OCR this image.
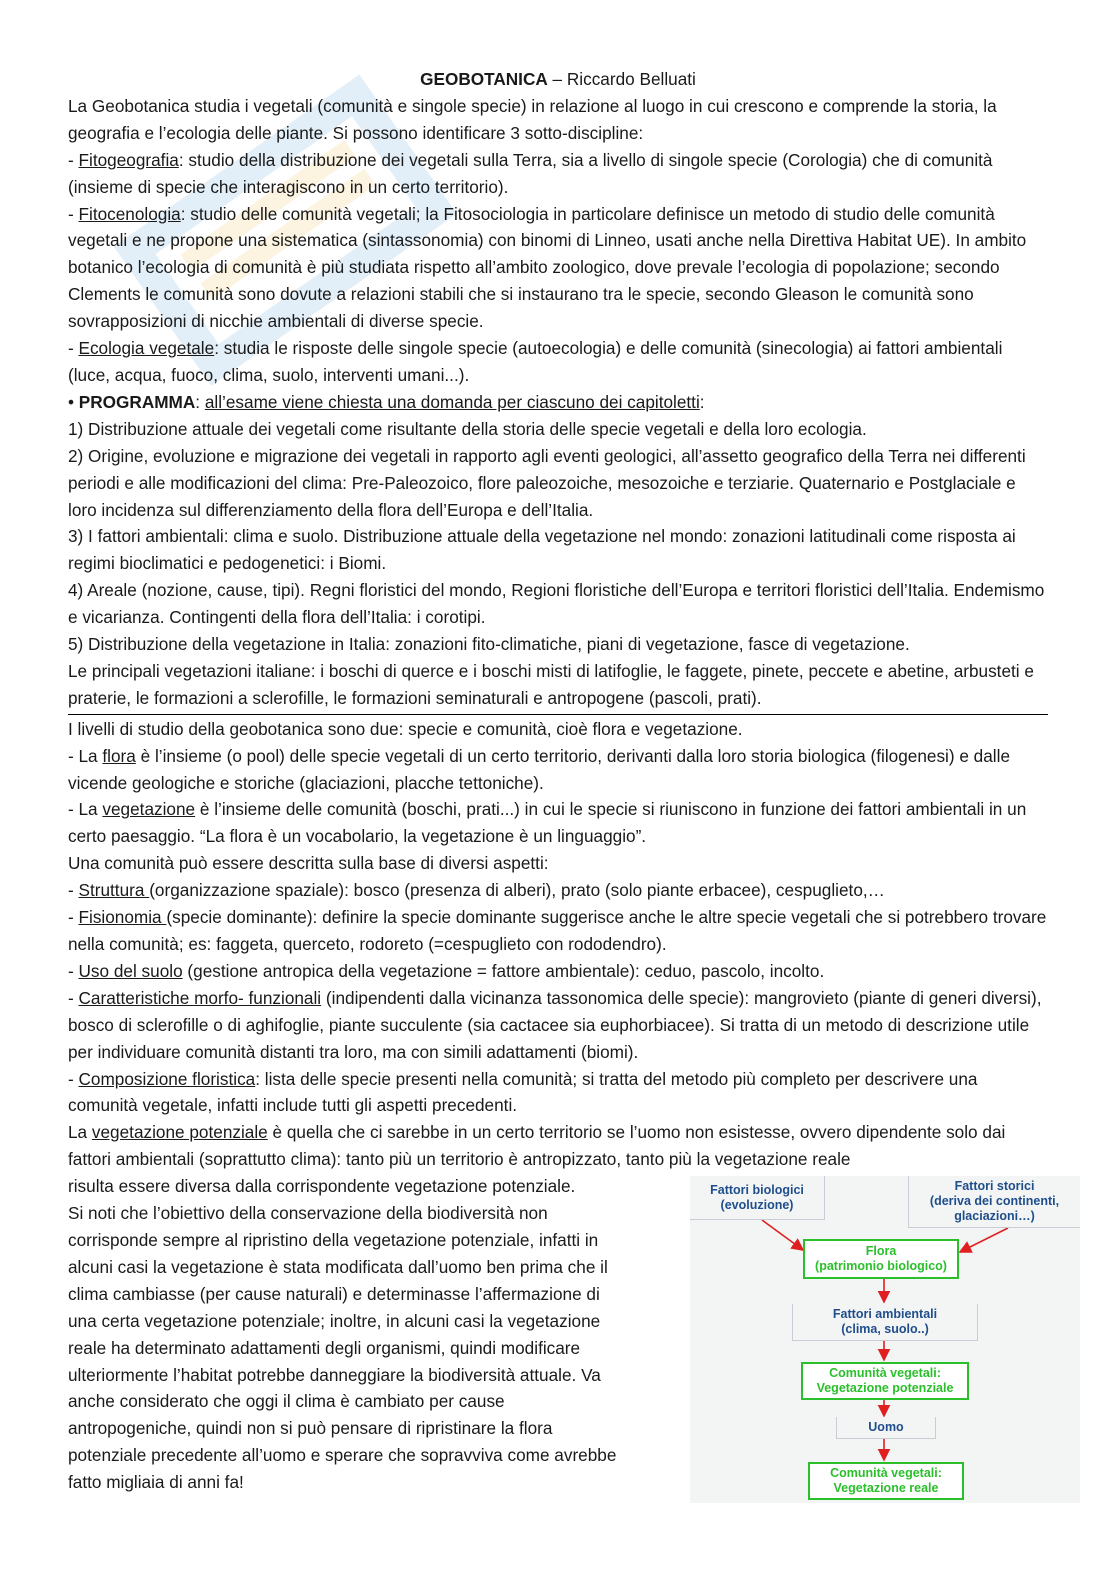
GEOBOTANICA – Riccardo Belluati

La Geobotanica studia i vegetali (comunità e singole specie) in relazione al luogo in cui crescono e comprende la storia, la geografia e l’ecologia delle piante. Si possono identificare 3 sotto-discipline:

- Fitogeografia: studio della distribuzione dei vegetali sulla Terra, sia a livello di singole specie (Corologia) che di comunità (insieme di specie che interagiscono in un certo territorio).

- Fitocenologia: studio delle comunità vegetali; la Fitosociologia in particolare definisce un metodo di studio delle comunità vegetali e ne propone una sistematica (sintassonomia) con binomi di Linneo, usati anche nella Direttiva Habitat UE). In ambito botanico l’ecologia di comunità è più studiata rispetto all’ambito zoologico, dove prevale l’ecologia di popolazione; secondo Clements le comunità sono dovute a relazioni stabili che si instaurano tra le specie, secondo Gleason le comunità sono sovrapposizioni di nicchie ambientali di diverse specie.

- Ecologia vegetale: studia le risposte delle singole specie (autoecologia) e delle comunità (sinecologia) ai fattori ambientali (luce, acqua, fuoco, clima, suolo, interventi umani...).

• PROGRAMMA: all’esame viene chiesta una domanda per ciascuno dei capitoletti:

1) Distribuzione attuale dei vegetali come risultante della storia delle specie vegetali e della loro ecologia.

2) Origine, evoluzione e migrazione dei vegetali in rapporto agli eventi geologici, all’assetto geografico della Terra nei differenti periodi e alle modificazioni del clima: Pre-Paleozoico, flore paleozoiche, mesozoiche e terziarie. Quaternario e Postglaciale e loro incidenza sul differenziamento della flora dell’Europa e dell’Italia.

3) I fattori ambientali: clima e suolo. Distribuzione attuale della vegetazione nel mondo: zonazioni latitudinali come risposta ai regimi bioclimatici e pedogenetici: i Biomi.

4) Areale (nozione, cause, tipi). Regni floristici del mondo, Regioni floristiche dell’Europa e territori floristici dell’Italia. Endemismo e vicarianza. Contingenti della flora dell’Italia: i corotipi.

5) Distribuzione della vegetazione in Italia: zonazioni fito-climatiche, piani di vegetazione, fasce di vegetazione.

Le principali vegetazioni italiane: i boschi di querce e i boschi misti di latifoglie, le faggete, pinete, peccete e abetine, arbusteti e praterie, le formazioni a sclerofille, le formazioni seminaturali e antropogene (pascoli, prati).

I livelli di studio della geobotanica sono due: specie e comunità, cioè flora e vegetazione.

- La flora è l’insieme (o pool) delle specie vegetali di un certo territorio, derivanti dalla loro storia biologica (filogenesi) e dalle vicende geologiche e storiche (glaciazioni, placche tettoniche).

- La vegetazione è l’insieme delle comunità (boschi, prati...) in cui le specie si riuniscono in funzione dei fattori ambientali in un certo paesaggio. “La flora è un vocabolario, la vegetazione è un linguaggio”.

Una comunità può essere descritta sulla base di diversi aspetti:

- Struttura (organizzazione spaziale): bosco (presenza di alberi), prato (solo piante erbacee), cespuglieto,…

- Fisionomia (specie dominante): definire la specie dominante suggerisce anche le altre specie vegetali che si potrebbero trovare nella comunità; es: faggeta, querceto, rodoreto (=cespuglieto con rododendro).

- Uso del suolo (gestione antropica della vegetazione = fattore ambientale): ceduo, pascolo, incolto.

- Caratteristiche morfo- funzionali (indipendenti dalla vicinanza tassonomica delle specie): mangrovieto (piante di generi diversi), bosco di sclerofille o di aghifoglie, piante succulente (sia cactacee sia euphorbiacee). Si tratta di un metodo di descrizione utile per individuare comunità distanti tra loro, ma con simili adattamenti (biomi).

- Composizione floristica: lista delle specie presenti nella comunità; si tratta del metodo più completo per descrivere una comunità vegetale, infatti include tutti gli aspetti precedenti.

La vegetazione potenziale è quella che ci sarebbe in un certo territorio se l’uomo non esistesse, ovvero dipendente solo dai fattori ambientali (soprattutto clima): tanto più un territorio è antropizzato, tanto più la vegetazione reale

risulta essere diversa dalla corrispondente vegetazione potenziale.

Si noti che l’obiettivo della conservazione della biodiversità non

corrisponde sempre al ripristino della vegetazione potenziale, infatti in

alcuni casi la vegetazione è stata modificata dall’uomo ben prima che il

clima cambiasse (per cause naturali) e determinasse l’affermazione di

una certa vegetazione potenziale; inoltre, in alcuni casi la vegetazione

reale ha determinato adattamenti degli organismi, quindi modificare

ulteriormente l’habitat potrebbe danneggiare la biodiversità attuale. Va

anche considerato che oggi il clima è cambiato per cause

antropogeniche, quindi non si può pensare di ripristinare la flora

potenziale precedente all’uomo e sperare che sopravviva come avrebbe

fatto migliaia di anni fa!

Fattori biologici
(evoluzione)
Fattori storici
(deriva dei continenti,
glaciazioni…)
Flora
(patrimonio biologico)
Fattori ambientali
(clima, suolo..)
Comunità vegetali:
Vegetazione potenziale
Uomo
Comunità vegetali:
Vegetazione reale
